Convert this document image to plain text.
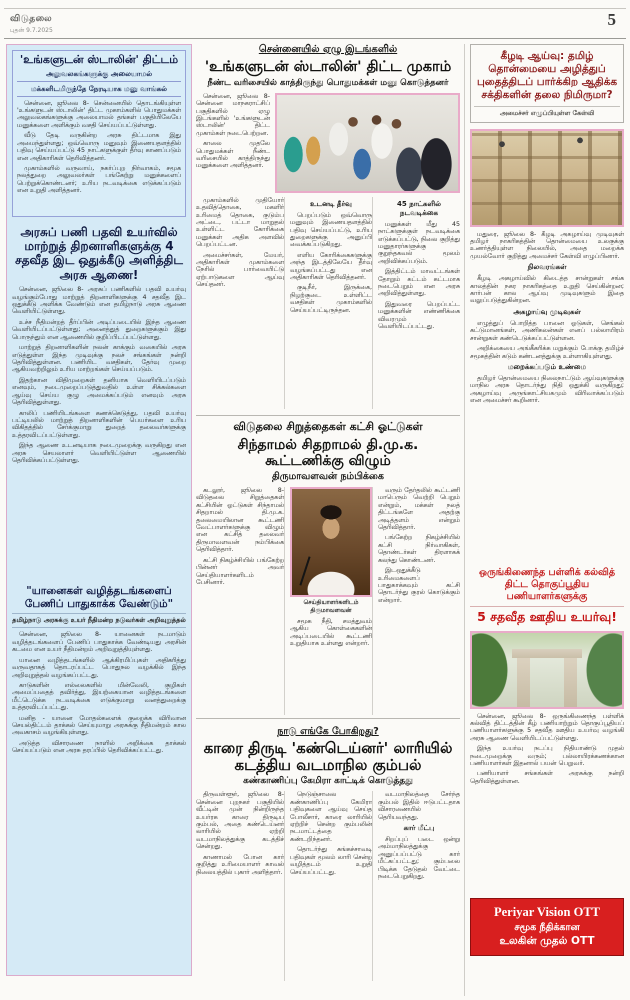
விடுதலை
புதன் 9.7.2025
5
'உங்களுடன் ஸ்டாலின்' திட்டம்
அலுவலகங்களுக்கு அலையாமல்
மக்களிடமிருந்தே நேரடியாக மனு வாங்கல்

சென்னை, ஜூலை 8- சென்னையில் தொடங்கியுள்ள 'உங்களுடன் ஸ்டாலின்' திட்ட முகாம்களில் பொதுமக்கள் அலுவலகங்களுக்கு அலையாமல் தங்கள் பகுதியிலேயே மனுக்களை அளிக்கும் வசதி செய்யப்பட்டுள்ளது.

வீடு தேடி வருகின்ற அரசு திட்டமாக இது அமைந்துள்ளது; ஒவ்வொரு மனுவும் இணையதளத்தில் பதிவு செய்யப்பட்டு 45 நாட்களுக்குள் தீர்வு காணப்படும் என அதிகாரிகள் தெரிவித்தனர்.

முகாம்களில் வருவாய், நகர்ப்புற நிர்வாகம், சமூக நலத்துறை அலுவலர்கள் பங்கேற்று மனுக்களைப் பெற்றுக்கொண்டனர்; உரிய நடவடிக்கை எடுக்கப்படும் என உறுதி அளித்தனர்.

அரசுப் பணி பதவி உயர்வில் மாற்றுத் திறனாளிகளுக்கு 4 சதவீத இட ஒதுக்கீடு அளித்திட அரசு ஆணை!

சென்னை, ஜூலை 8- அரசுப் பணிகளில் பதவி உயர்வு வழங்கும்போது மாற்றுத் திறனாளிகளுக்கு 4 சதவீத இட ஒதுக்கீடு அளிக்க வேண்டும் என தமிழ்நாடு அரசு ஆணை வெளியிட்டுள்ளது.

உச்ச நீதிமன்றத் தீர்ப்பின் அடிப்படையில் இந்த ஆணை வெளியிடப்பட்டுள்ளது; அனைத்துத் துறைகளுக்கும் இது பொருந்தும் என ஆணையில் குறிப்பிடப்பட்டுள்ளது.

மாற்றுத் திறனாளிகளின் நலன் காக்கும் வகையில் அரசு எடுத்துள்ள இந்த முடிவுக்கு நலச் சங்கங்கள் நன்றி தெரிவித்துள்ளன. பணியிட வசதிகள், தேர்வு முறை ஆகியவற்றிலும் உரிய மாற்றங்கள் செய்யப்படும்.

இதற்கான விதிமுறைகள் தனியாக வெளியிடப்படும் எனவும், நடைமுறைப்படுத்துவதில் உள்ள சிக்கல்களை ஆய்வு செய்ய குழு அமைக்கப்படும் எனவும் அரசு தெரிவித்துள்ளது.

காலிப் பணியிடங்களை கணக்கெடுத்து, பதவி உயர்வு பட்டியலில் மாற்றுத் திறனாளிகளின் பெயர்களை உரிய விகிதத்தில் சேர்க்குமாறு துறைத் தலைவர்களுக்கு உத்தரவிடப்பட்டுள்ளது.

இந்த ஆணை உடனடியாக நடைமுறைக்கு வருகிறது என அரசு செயலாளர் வெளியிட்டுள்ள ஆணையில் தெரிவிக்கப்பட்டுள்ளது.

"யானைகள் வழித்தடங்களைப் பேணிப் பாதுகாக்க வேண்டும்"
தமிழ்நாடு அரசுக்கு உயர் நீதிமன்ற நடுவர்கள் அறிவுறுத்தல்

சென்னை, ஜூலை 8- யானைகள் நடமாடும் வழித்தடங்களைப் பேணிப் பாதுகாக்க வேண்டியது அரசின் கடமை என உயர் நீதிமன்றம் அறிவுறுத்தியுள்ளது.

யானை வழித்தடங்களில் ஆக்கிரமிப்புகள் அதிகரித்து வருவதாகத் தொடரப்பட்ட பொதுநல வழக்கில் இந்த அறிவுறுத்தல் வழங்கப்பட்டது.

காடுகளின் எல்லைகளில் மின்வேலி, குழிகள் அமைப்பதைத் தவிர்த்து, இயற்கையான வழித்தடங்களை மீட்டெடுக்க நடவடிக்கை எடுக்குமாறு வனத்துறைக்கு உத்தரவிடப்பட்டது.

மனித - யானை மோதல்களைக் குறைக்க விரிவான செயல்திட்டம் தாக்கல் செய்யுமாறு அரசுக்கு நீதிமன்றம் கால அவகாசம் வழங்கியுள்ளது.

அடுத்த விசாரணை நாளில் அறிக்கை தாக்கல் செய்யப்படும் என அரசு தரப்பில் தெரிவிக்கப்பட்டது.

சென்னையில் ஏழு இடங்களில்
'உங்களுடன் ஸ்டாலின்' திட்ட முகாம்
நீண்ட வரிசையில் காத்திருந்து பொதுமக்கள் மனு கொடுத்தனர்

சென்னை, ஜூலை 8- சென்னை மாநகராட்சிப் பகுதிகளில் ஏழு இடங்களில் 'உங்களுடன் ஸ்டாலின்' திட்ட முகாம்கள் நடைபெற்றன.

காலை முதலே பொதுமக்கள் நீண்ட வரிசையில் காத்திருந்து மனுக்களை அளித்தனர்.

முகாம்களில் முதியோர் உதவித்தொகை, மகளிர் உரிமைத் தொகை, குடும்ப அட்டை, பட்டா மாறுதல் உள்ளிட்ட கோரிக்கை மனுக்கள் அதிக அளவில் பெறப்பட்டன.

அமைச்சர்கள், மேயர், அதிகாரிகள் முகாம்களை நேரில் பார்வையிட்டு ஏற்பாடுகளை ஆய்வு செய்தனர்.

உடனடி தீர்வு

பெறப்படும் ஒவ்வொரு மனுவும் இணையதளத்தில் பதிவு செய்யப்பட்டு, உரிய துறைகளுக்கு அனுப்பி வைக்கப்படுகிறது.

எளிய கோரிக்கைகளுக்கு அந்த இடத்திலேயே தீர்வு வழங்கப்பட்டது என அதிகாரிகள் தெரிவித்தனர்.

குடிநீர், இருக்கை, நிழற்குடை உள்ளிட்ட வசதிகள் முகாம்களில் செய்யப்பட்டிருந்தன.

45 நாட்களில் நடவடிக்கை

மனுக்கள் மீது 45 நாட்களுக்குள் நடவடிக்கை எடுக்கப்பட்டு, நிலை குறித்து மனுதாரர்களுக்கு குறுந்தகவல் மூலம் அறிவிக்கப்படும்.

இத்திட்டம் மாவட்டங்கள் தோறும் கட்டம் கட்டமாக நடைபெறும் என அரசு அறிவித்துள்ளது.

இதுவரை பெறப்பட்ட மனுக்களின் எண்ணிக்கை விவரமும் வெளியிடப்பட்டது.

விடுதலை சிறுத்தைகள் கட்சி ஓட்டுகள்
சிந்தாமல் சிதறாமல் தி.மு.க. கூட்டணிக்கு விழும்
திருமாவளவன் நம்பிக்கை

கடலூர், ஜூலை 8- விடுதலை சிறுத்தைகள் கட்சியின் ஓட்டுகள் சிந்தாமல் சிதறாமல் தி.மு.க. தலைமையிலான கூட்டணி வேட்பாளர்களுக்கு விழும் என கட்சித் தலைவர் திருமாவளவன் நம்பிக்கை தெரிவித்தார்.

கட்சி நிகழ்ச்சியில் பங்கேற்ற பின்னர் அவர் செய்தியாளர்களிடம் பேசினார்.

செய்தியாளர்களிடம் திருமாவளவன்

சமூக நீதி, சமத்துவம் ஆகிய கொள்கைகளின் அடிப்படையில் கூட்டணி உறுதியாக உள்ளது என்றார்.

வரும் தேர்தலில் கூட்டணி மாபெரும் வெற்றி பெறும் என்றும், மக்கள் நலத் திட்டங்களே அதற்கு அடித்தளம் என்றும் தெரிவித்தார்.

பங்கேற்ற நிகழ்ச்சியில் கட்சி நிர்வாகிகள், தொண்டர்கள் திரளாகக் கலந்து கொண்டனர்.

இடஒதுக்கீடு உரிமைகளைப் பாதுகாக்கவும் கட்சி தொடர்ந்து குரல் கொடுக்கும் என்றார்.

நாடு எங்கே போகிறது?
காரை திருடி 'கண்டெய்னர்' லாரியில் கடத்திய வடமாநில கும்பல்
கண்காணிப்பு கேமிரா காட்டிக் கொடுத்தது

திருவள்ளூர், ஜூலை 8- சென்னை புறநகர் பகுதியில் வீட்டின் முன் நின்றிருந்த உயர்ரக காரை திருடிய கும்பல், அதை கண்டெய்னர் லாரியில் ஏற்றி வடமாநிலத்துக்கு கடத்திச் சென்றது.

காணாமல் போன கார் குறித்து உரிமையாளர் காவல் நிலையத்தில் புகார் அளித்தார்.

நெடுஞ்சாலை கண்காணிப்பு கேமிரா பதிவுகளை ஆய்வு செய்த போலீசார், காரை லாரியில் ஏற்றிச் சென்ற கும்பலின் நடமாட்டத்தை கண்டறிந்தனர்.

தொடர்ந்து சுங்கச்சாவடி பதிவுகள் மூலம் லாரி சென்ற வழித்தடம் உறுதி செய்யப்பட்டது.

வடமாநிலத்தை சேர்ந்த கும்பல் இதில் ஈடுபட்டதாக விசாரணையில் தெரியவந்தது.

கார் மீட்பு

சிறப்புப் படை ஒன்று அம்மாநிலத்துக்கு அனுப்பப்பட்டு கார் மீட்கப்பட்டது; கும்பலை பிடிக்க தேடுதல் வேட்டை நடைபெறுகிறது.

கீழடி ஆய்வு: தமிழ் தொன்மையை அழித்துப் புதைத்திடப் பார்க்கிற ஆதிக்க சக்திகளின் தலை நிமிருமா?
அமைச்சர் எழுப்பியுள்ள கேள்வி

மதுரை, ஜூலை 8- கீழடி அகழாய்வு முடிவுகள் தமிழர் நாகரிகத்தின் தொன்மையை உலகுக்கு உணர்த்தியுள்ள நிலையில், அதை மறைக்க முயல்வோர் குறித்து அமைச்சர் கேள்வி எழுப்பினார்.

நிலவரங்கள்

கீழடி அகழாய்வில் கிடைத்த சான்றுகள் சங்க காலத்தின் நகர நாகரிகத்தை உறுதி செய்கின்றன; கார்பன் கால ஆய்வு முடிவுகளும் இதை வலுப்படுத்துகின்றன.

அகழாய்வு முடிவுகள்

எழுத்துப் பொறித்த பானை ஓடுகள், செங்கல் கட்டுமானங்கள், அணிகலன்கள் எனப் பல்லாயிரம் சான்றுகள் கண்டெடுக்கப்பட்டுள்ளன.

அறிக்கையை அங்கீகரிக்க மறுக்கும் போக்கு தமிழ்ச் சமூகத்தின் கடும் கண்டனத்துக்கு உள்ளாகியுள்ளது.

மறைக்கப்படும் உண்மை

தமிழர் தொன்மையை நிலைநாட்டும் ஆய்வுகளுக்கு மாநில அரசு தொடர்ந்து நிதி ஒதுக்கி வருகிறது; அகழாய்வு அருங்காட்சியகமும் விரிவாக்கப்படும் என அமைச்சர் கூறினார்.

ஒருங்கிணைந்த பள்ளிக் கல்வித் திட்ட தொகுப்பூதிய பணியாளர்களுக்கு
5 சதவீத ஊதிய உயர்வு!

சென்னை, ஜூலை 8- ஒருங்கிணைந்த பள்ளிக் கல்வித் திட்டத்தின் கீழ் பணியாற்றும் தொகுப்பூதியப் பணியாளர்களுக்கு 5 சதவீத ஊதிய உயர்வு வழங்கி அரசு ஆணை வெளியிடப்பட்டுள்ளது.

இந்த உயர்வு நடப்பு நிதியாண்டு முதல் நடைமுறைக்கு வரும்; பல்லாயிரக்கணக்கான பணியாளர்கள் இதனால் பயன் பெறுவர்.

பணியாளர் சங்கங்கள் அரசுக்கு நன்றி தெரிவித்துள்ளன.

Periyar Vision OTT
சமூக நீதிக்கான
உலகின் முதல் OTT
